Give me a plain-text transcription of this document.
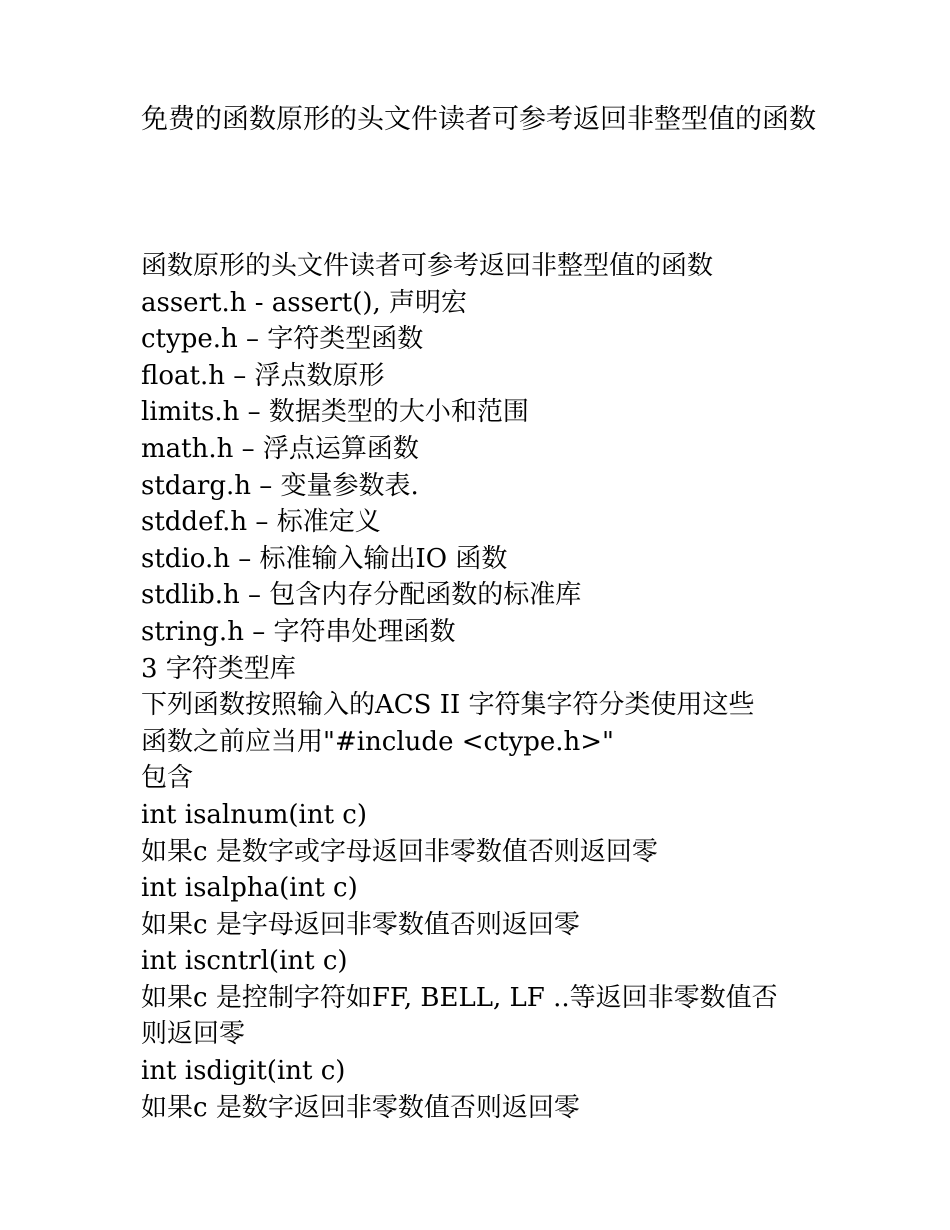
免费的函数原形的头文件读者可参考返回非整型值的函数
函数原形的头文件读者可参考返回非整型值的函数
assert.h - assert(), 声明宏
ctype.h – 字符类型函数
float.h – 浮点数原形
limits.h – 数据类型的大小和范围
math.h – 浮点运算函数
stdarg.h – 变量参数表.
stddef.h – 标准定义
stdio.h – 标准输入输出IO 函数
stdlib.h – 包含内存分配函数的标准库
string.h – 字符串处理函数
3 字符类型库
下列函数按照输入的ACS II 字符集字符分类使用这些
函数之前应当用"#include <ctype.h>"
包含
int isalnum(int c)
如果c 是数字或字母返回非零数值否则返回零
int isalpha(int c)
如果c 是字母返回非零数值否则返回零
int iscntrl(int c)
如果c 是控制字符如FF, BELL, LF ..等返回非零数值否
则返回零
int isdigit(int c)
如果c 是数字返回非零数值否则返回零
